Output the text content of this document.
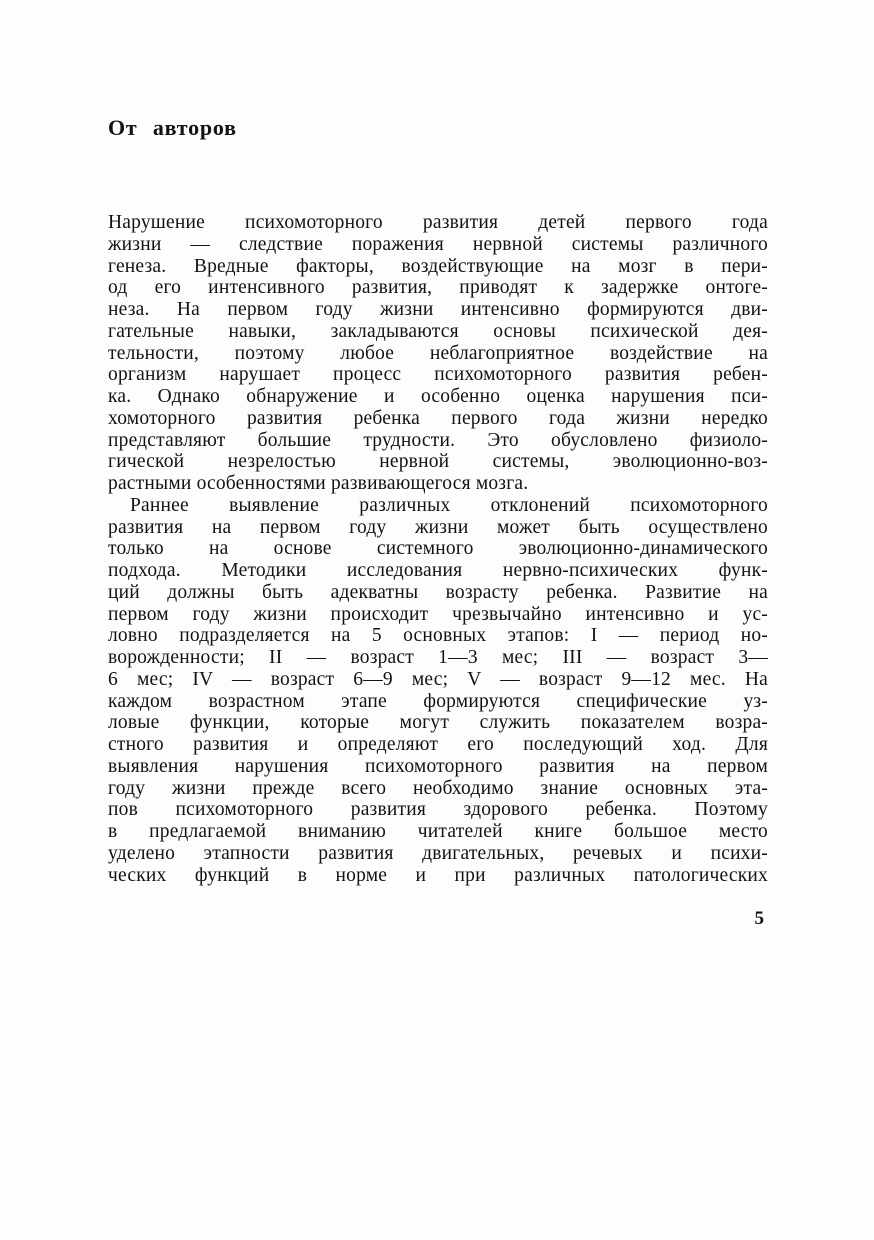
От авторов
Нарушение психомоторного развития детей первого года
жизни — следствие поражения нервной системы различного
генеза. Вредные факторы, воздействующие на мозг в пери-
од его интенсивного развития, приводят к задержке онтоге-
неза. На первом году жизни интенсивно формируются дви-
гательные навыки, закладываются основы психической дея-
тельности, поэтому любое неблагоприятное воздействие на
организм нарушает процесс психомоторного развития ребен-
ка. Однако обнаружение и особенно оценка нарушения пси-
хомоторного развития ребенка первого года жизни нередко
представляют большие трудности. Это обусловлено физиоло-
гической незрелостью нервной системы, эволюционно-воз-
растными особенностями развивающегося мозга.
Раннее выявление различных отклонений психомоторного
развития на первом году жизни может быть осуществлено
только на основе системного эволюционно-динамического
подхода. Методики исследования нервно-психических функ-
ций должны быть адекватны возрасту ребенка. Развитие на
первом году жизни происходит чрезвычайно интенсивно и ус-
ловно подразделяется на 5 основных этапов: I — период но-
ворожденности; II — возраст 1—3 мес; III — возраст 3—
6 мес; IV — возраст 6—9 мес; V — возраст 9—12 мес. На
каждом возрастном этапе формируются специфические уз-
ловые функции, которые могут служить показателем возра-
стного развития и определяют его последующий ход. Для
выявления нарушения психомоторного развития на первом
году жизни прежде всего необходимо знание основных эта-
пов психомоторного развития здорового ребенка. Поэтому
в предлагаемой вниманию читателей книге большое место
уделено этапности развития двигательных, речевых и психи-
ческих функций в норме и при различных патологических
5
